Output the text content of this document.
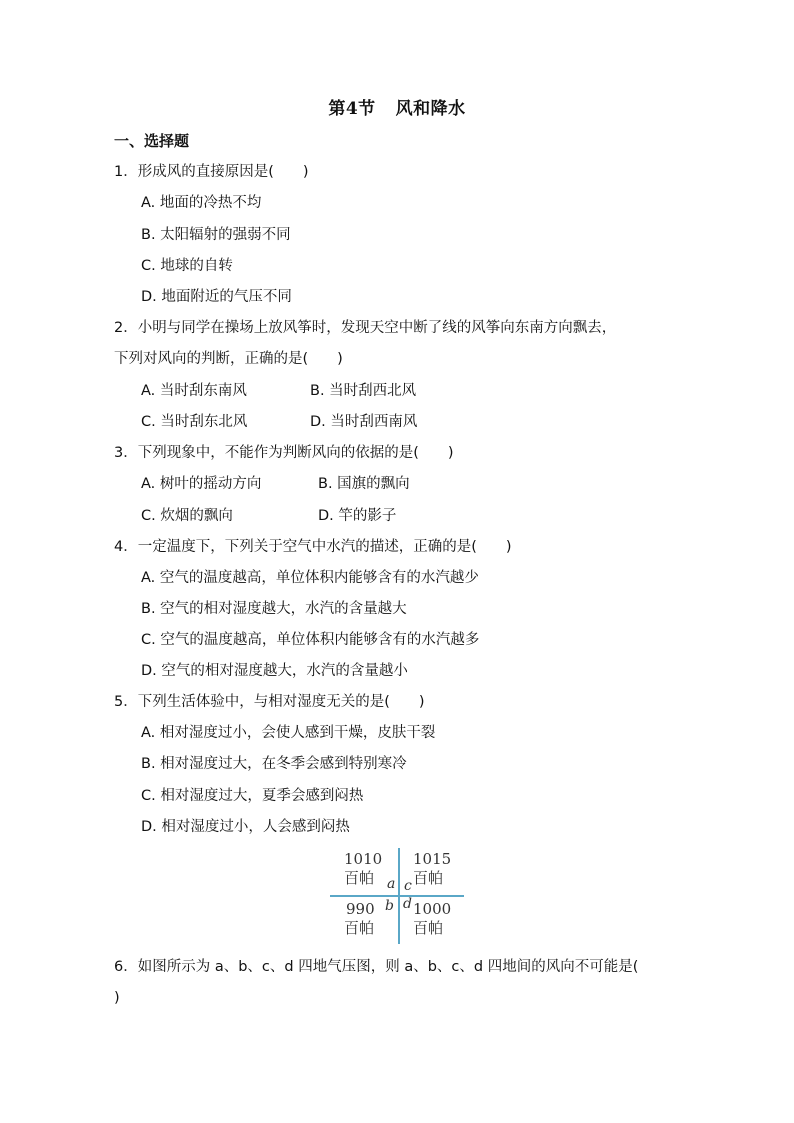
第4节 风和降水
一、选择题
1．形成风的直接原因是(　　)
A. 地面的冷热不均
B. 太阳辐射的强弱不同
C. 地球的自转
D. 地面附近的气压不同
2．小明与同学在操场上放风筝时，发现天空中断了线的风筝向东南方向飘去，
下列对风向的判断，正确的是(　　)
A. 当时刮东南风	B. 当时刮西北风
C. 当时刮东北风	D. 当时刮西南风
3．下列现象中，不能作为判断风向的依据的是(　　)
A. 树叶的摇动方向	B. 国旗的飘向
C. 炊烟的飘向	D. 竿的影子
4．一定温度下，下列关于空气中水汽的描述，正确的是(　　)
A. 空气的温度越高，单位体积内能够含有的水汽越少
B. 空气的相对湿度越大，水汽的含量越大
C. 空气的温度越高，单位体积内能够含有的水汽越多
D. 空气的相对湿度越大，水汽的含量越小
5．下列生活体验中，与相对湿度无关的是(　　)
A. 相对湿度过小，会使人感到干燥，皮肤干裂
B. 相对湿度过大，在冬季会感到特别寒冷
C. 相对湿度过大，夏季会感到闷热
D. 相对湿度过小，人会感到闷热
1010
百帕
1015
百帕
990
百帕
1000
百帕
a c
b d
6．如图所示为 a、b、c、d 四地气压图，则 a、b、c、d 四地间的风向不可能是(
)
